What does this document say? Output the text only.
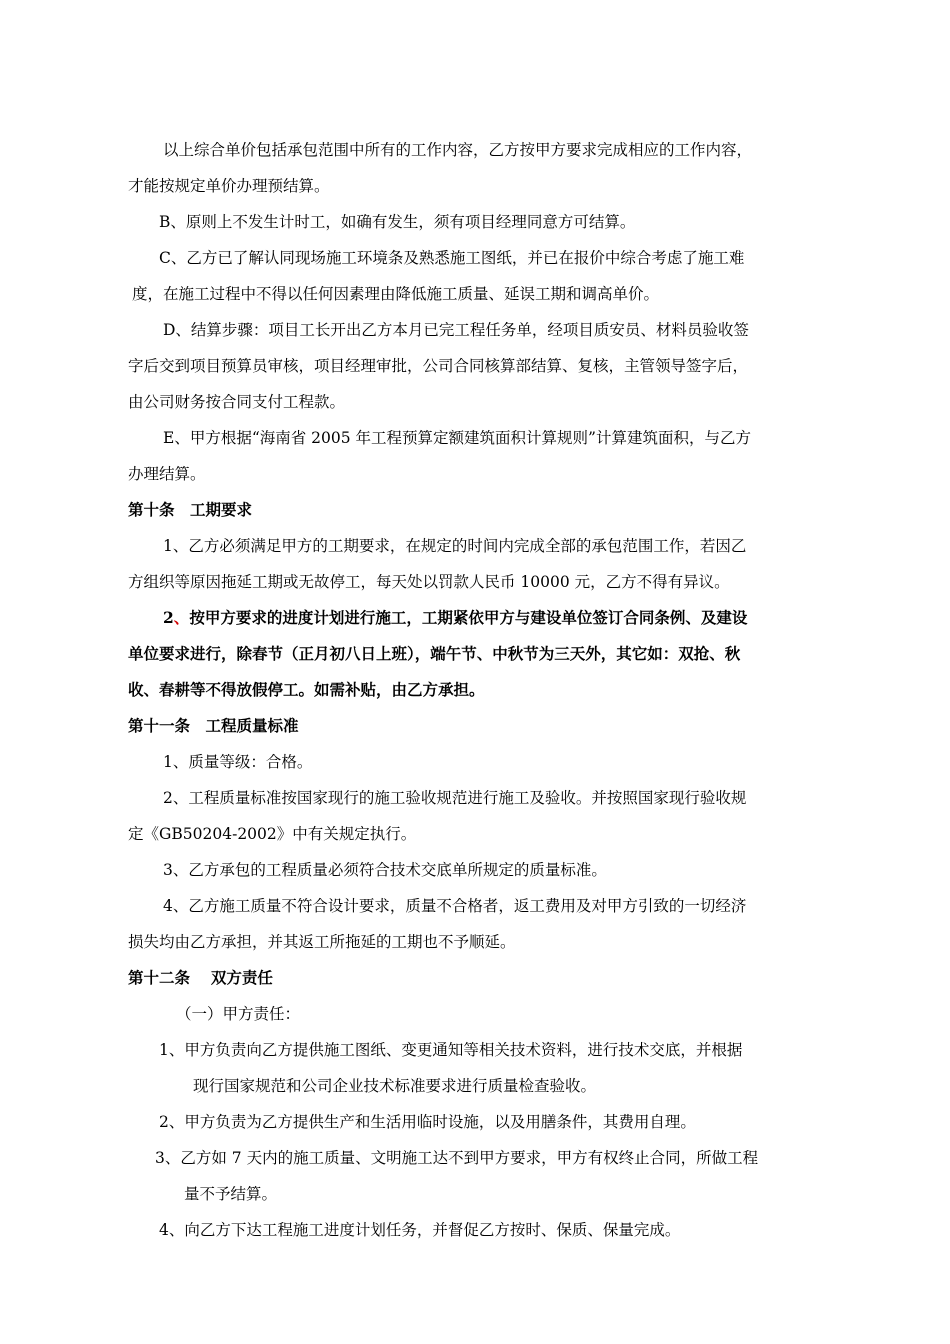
以上综合单价包括承包范围中所有的工作内容，乙方按甲方要求完成相应的工作内容，
才能按规定单价办理预结算。
B、原则上不发生计时工，如确有发生，须有项目经理同意方可结算。
C、乙方已了解认同现场施工环境条及熟悉施工图纸，并已在报价中综合考虑了施工难
度，在施工过程中不得以任何因素理由降低施工质量、延误工期和调高单价。
D、结算步骤：项目工长开出乙方本月已完工程任务单，经项目质安员、材料员验收签
字后交到项目预算员审核，项目经理审批，公司合同核算部结算、复核，主管领导签字后，
由公司财务按合同支付工程款。
E、甲方根据“海南省 2005 年工程预算定额建筑面积计算规则”计算建筑面积，与乙方
办理结算。
第十条　工期要求
1、乙方必须满足甲方的工期要求，在规定的时间内完成全部的承包范围工作，若因乙
方组织等原因拖延工期或无故停工，每天处以罚款人民币 10000 元，乙方不得有异议。
2、按甲方要求的进度计划进行施工，工期紧依甲方与建设单位签订合同条例、及建设
单位要求进行，除春节（正月初八日上班），端午节、中秋节为三天外，其它如：双抢、秋
收、春耕等不得放假停工。如需补贴，由乙方承担。
第十一条　工程质量标准
1、质量等级：合格。
2、工程质量标准按国家现行的施工验收规范进行施工及验收。并按照国家现行验收规
定《GB50204-2002》中有关规定执行。
3、乙方承包的工程质量必须符合技术交底单所规定的质量标准。
4、乙方施工质量不符合设计要求，质量不合格者，返工费用及对甲方引致的一切经济
损失均由乙方承担，并其返工所拖延的工期也不予顺延。
第十二条　 双方责任
（一）甲方责任：
1、甲方负责向乙方提供施工图纸、变更通知等相关技术资料，进行技术交底，并根据
现行国家规范和公司企业技术标准要求进行质量检查验收。
2、甲方负责为乙方提供生产和生活用临时设施，以及用膳条件，其费用自理。
3、乙方如 7 天内的施工质量、文明施工达不到甲方要求，甲方有权终止合同，所做工程
量不予结算。
4、向乙方下达工程施工进度计划任务，并督促乙方按时、保质、保量完成。
